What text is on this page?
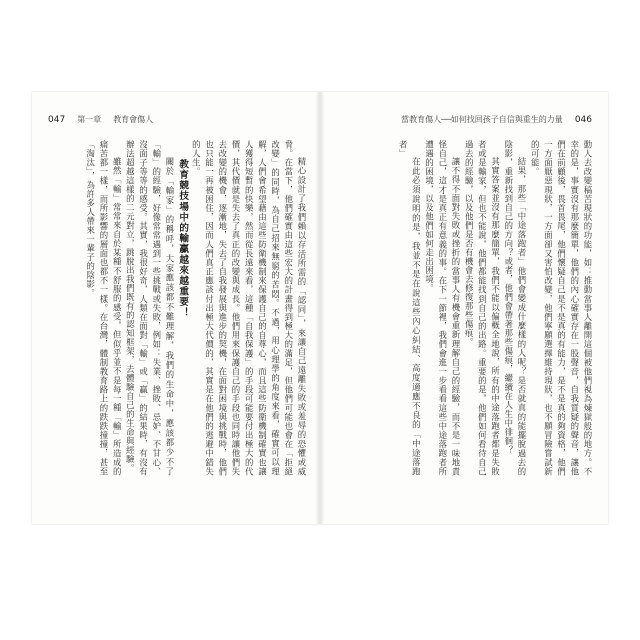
047 第一章 教育會傷人

精心設計了我們賴以存活所需的「認同」，來讓自己遠離失敗或羞辱的恐懼或威脅。在當下，他們確實由這些宏大的計畫得到極大的滿足，但他們可能也會在「拒絕改變」的同時，為自己招來無窮的苦悶。不過，用心理學的角度來看，確實可以理解，人們會希望藉由這些防衛機制來保護自己的自尊心，而且這些防衛機制確實也讓人獲得短暫的快樂，然而從長遠來看，這種「自我保護」的手段可能要付出極大的代價，其代價就是失去了真正的改變與成長。他們用來保護自己的手段也同時讓他們失去改變的機會，逐漸地，失去了自我發展與進步的契機，在面對困境與挑戰時，他們也只能一再被困住，因而人們真正應該付出極大代價的，其實是在他們的逃避中錯失的人生。

教育競技場中的輸贏越來越重要！

關於「輸家」的稱呼，大家應該都不難理解，我們的生命中，應該都少不了「輸」的經驗，好像常常遇到一些挑戰或失敗，例如：失業、挫敗、忌妒、不甘心、沒面子等等的感受。其實，我很好奇，人類在面對「輸」或「贏」的結果時，有沒有辦法超越這樣的二元對立，跳脫出我們既有的認知框架，去體驗自己的生命與經驗。

雖然「輸」常常來自於某種不舒服的感受，但似乎並不是每一種「輸」所造成的痛苦都一樣，而所影響的層面也都不一樣。在台灣，體制教育路上的跌跌撞撞，甚至「淘汰」，為許多人帶來一輩子的陰影。

當教育傷人──如何找回孩子自信與重生的力量 046

動人去改變稿苦現狀的功能，如：推動當事人離開這個被他們視為煉獄般的地方。不幸的是，事實沒有那麼簡單，他們的內心確實存在一股聲音，自我質疑的聲音，讓他們在前顧後，畏首畏尾，他們懷疑自己是不是真的有能力，是不是真的夠資格，他們一方面厭惡現狀，一方面卻又害怕改變，他們寧願選擇維持現狀，也不願冒險嘗試新的可能。

結果，那些「中途落跑者」他們會變成什麼樣的人呢？是否就真的能擺脫過去的陰影，重新找到自己的方向？或者，他們會帶著那些傷痕，繼續在人生中徘徊？

其實答案並沒有那麼簡單，我們不能以偏概全地說，所有的中途落跑者都是失敗者或是輸家，但也不能說，他們都能找到自己的出路。重要的是，他們如何看待自己過去的經驗，以及他們是否有機會去修復那些傷痕。

讓不得不面對失敗或挫折的當事人有機會重新理解自己的經驗，而不是一味地責怪自己，這才是真正有意義的事。在下一節裡，我們會進一步看看這些中途落跑者所遭遇的困境，以及他們如何走出困境。

在此必須說明的是，我並不是在說這些內心糾結、高度適應不良的「中途落跑者」
